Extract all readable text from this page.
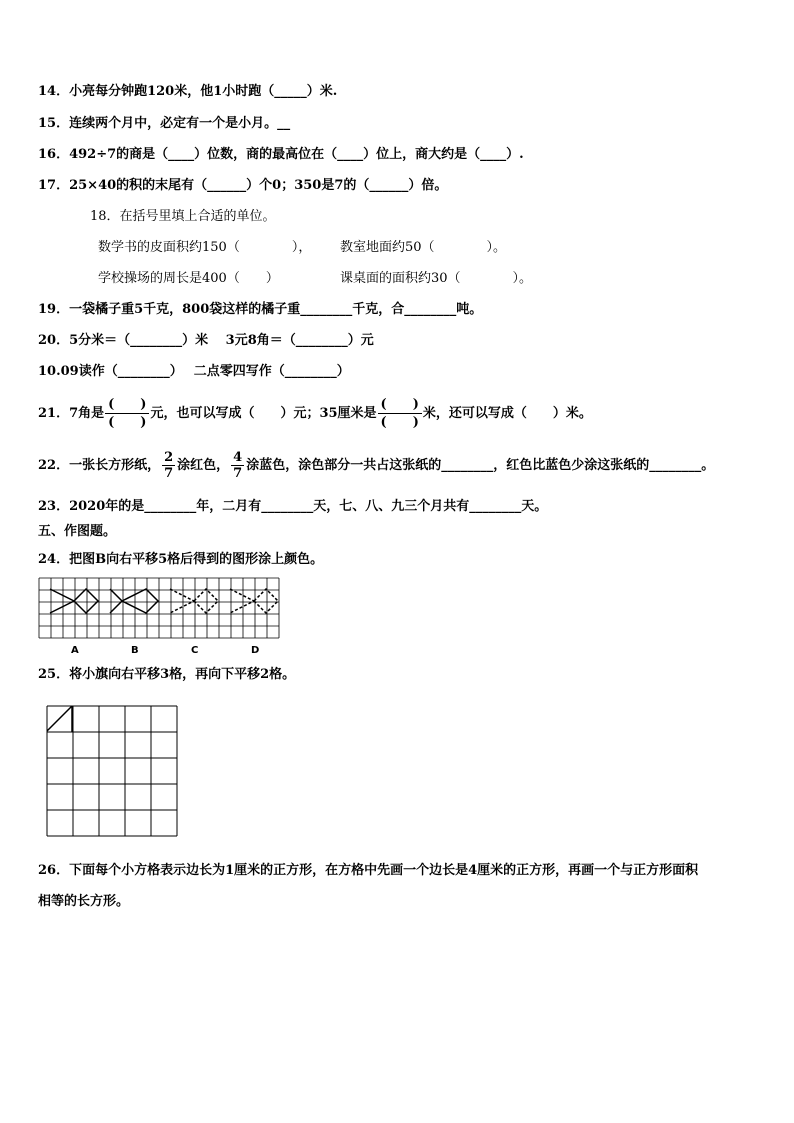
14．小亮每分钟跑120米，他1小时跑（_____）米.
15．连续两个月中，必定有一个是小月。__
16．492÷7的商是（____）位数，商的最高位在（____）位上，商大约是（____）.
17．25×40的积的末尾有（______）个0；350是7的（______）倍。
18．在括号里填上合适的单位。
数学书的皮面积约150（　　　　）， 教室地面约50（　　　　）。
学校操场的周长是400（　　）	课桌面的面积约30（　　　　）。
19．一袋橘子重5千克，800袋这样的橘子重________千克，合________吨。
20．5分米＝（________）米　 3元8角＝（________）元
10.09读作（________）　 二点零四写作（________）
21．7角是 $\frac{( )}{( )}$ 元，也可以写成（　　）元；35厘米是 $\frac{( )}{( )}$ 米，还可以写成（　　）米。
22．一张长方形纸， $\frac{2}{7}$ 涂红色， $\frac{4}{7}$ 涂蓝色，涂色部分一共占这张纸的________，红色比蓝色少涂这张纸的________。
23．2020年的是________年，二月有________天，七、八、九三个月共有________天。
五、作图题。
24．把图B向右平移5格后得到的图形涂上颜色。
A	B	C	D
25．将小旗向右平移3格，再向下平移2格。
26．下面每个小方格表示边长为1厘米的正方形，在方格中先画一个边长是4厘米的正方形，再画一个与正方形面积
相等的长方形。
